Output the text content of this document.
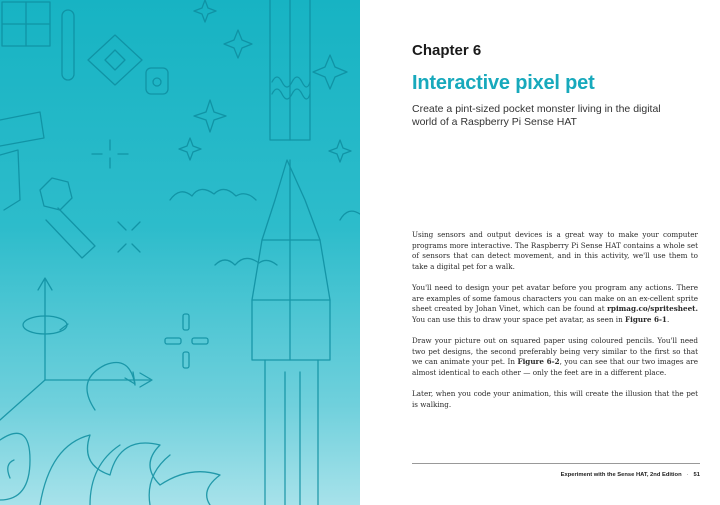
Chapter 6
Interactive pixel pet
Create a pint-sized pocket monster living in the digital world of a Raspberry Pi Sense HAT

Using sensors and output devices is a great way to make your computer programs more interactive. The Raspberry Pi Sense HAT contains a whole set of sensors that can detect movement, and in this activity, we'll use them to take a digital pet for a walk.

You'll need to design your pet avatar before you program any actions. There are examples of some famous characters you can make on an ex-cellent sprite sheet created by Johan Vinet, which can be found at rpimag.co/spritesheet. You can use this to draw your space pet avatar, as seen in Figure 6-1.

Draw your picture out on squared paper using coloured pencils. You'll need two pet designs, the second preferably being very similar to the first so that we can animate your pet. In Figure 6-2, you can see that our two images are almost identical to each other — only the feet are in a different place.

Later, when you code your animation, this will create the illusion that the pet is walking.

Experiment with the Sense HAT, 2nd Edition · 51
